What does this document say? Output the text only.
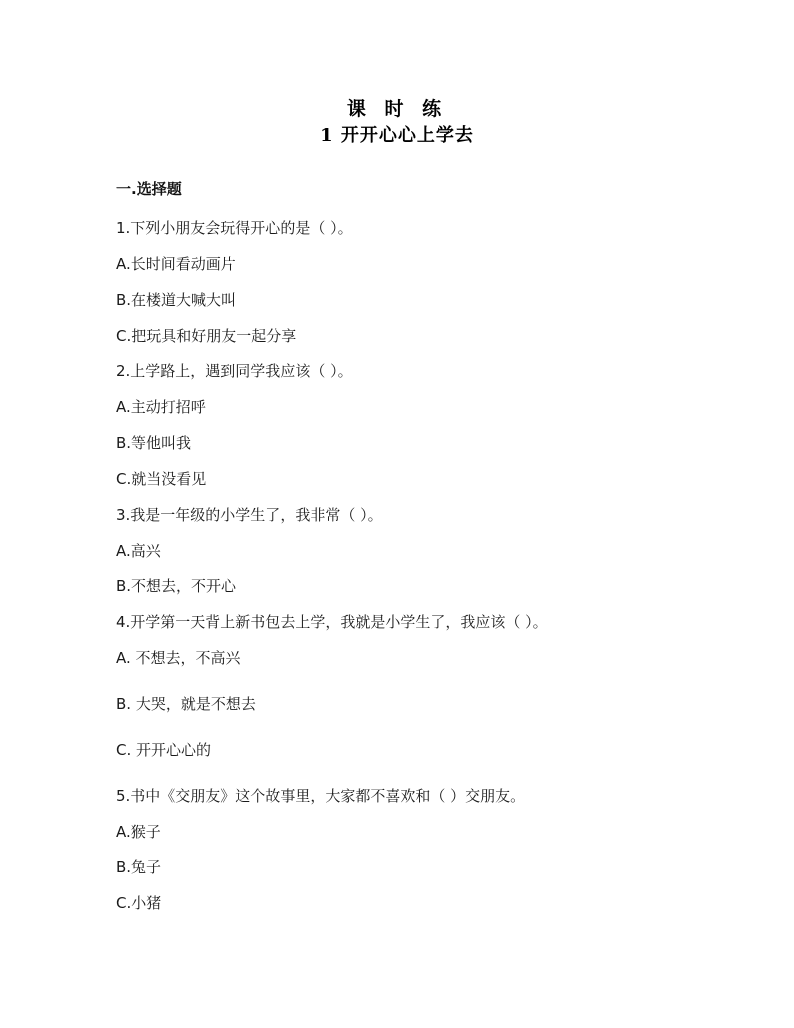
课 时 练
1 开开心心上学去
一.选择题
1.下列小朋友会玩得开心的是（ ）。
A.长时间看动画片
B.在楼道大喊大叫
C.把玩具和好朋友一起分享
2.上学路上，遇到同学我应该（ ）。
A.主动打招呼
B.等他叫我
C.就当没看见
3.我是一年级的小学生了，我非常（ ）。
A.高兴
B.不想去，不开心
4.开学第一天背上新书包去上学，我就是小学生了，我应该（ ）。
A. 不想去，不高兴
B. 大哭，就是不想去
C. 开开心心的
5.书中《交朋友》这个故事里，大家都不喜欢和（ ）交朋友。
A.猴子
B.兔子
C.小猪
